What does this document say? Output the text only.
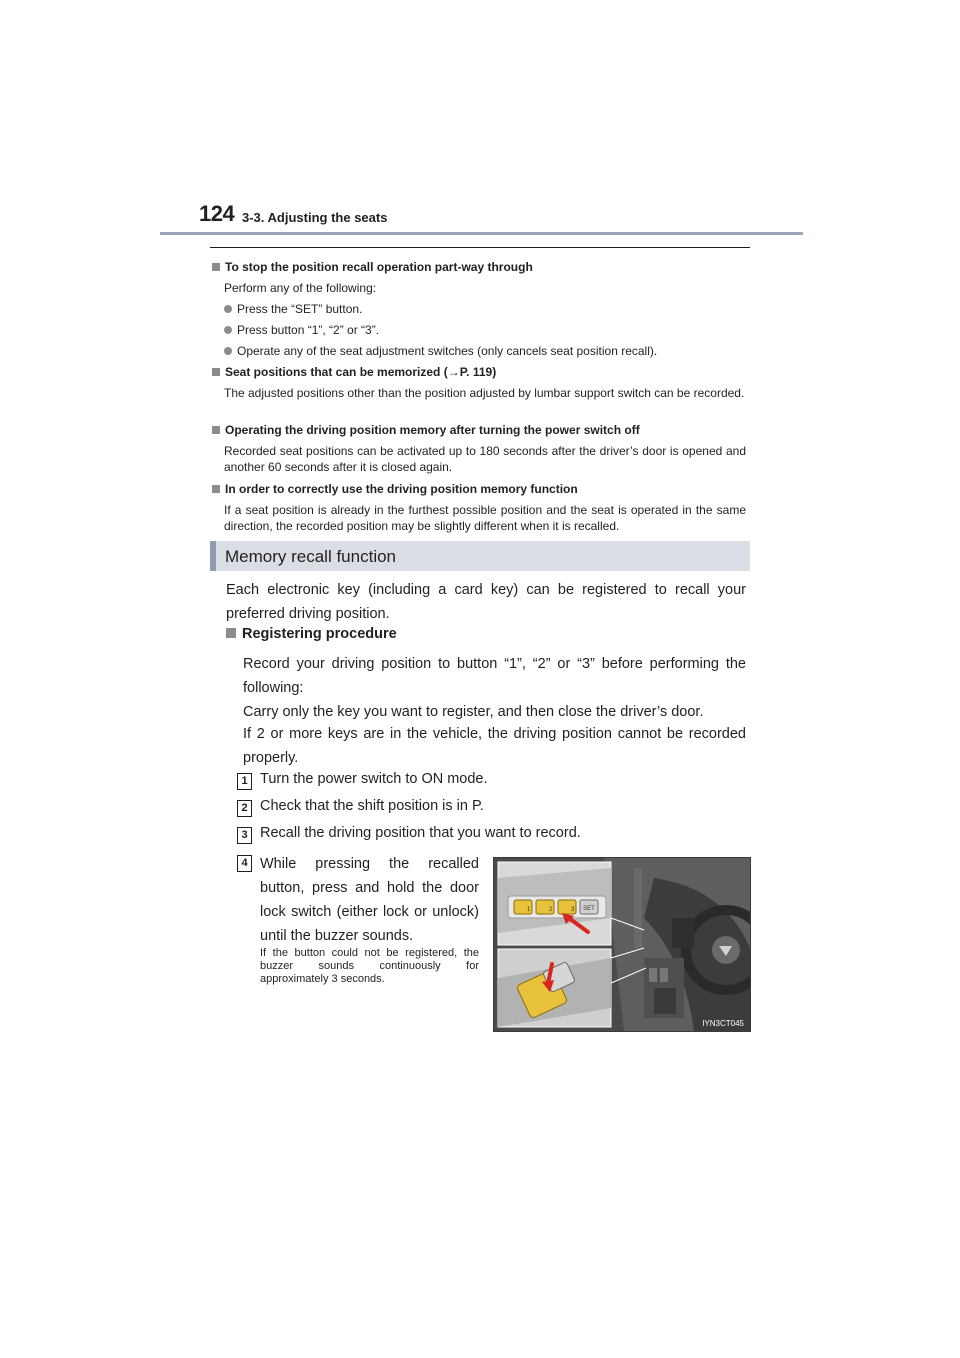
124 3-3. Adjusting the seats
To stop the position recall operation part-way through
Perform any of the following:
Press the “SET” button.
Press button “1”, “2” or “3”.
Operate any of the seat adjustment switches (only cancels seat position recall).
Seat positions that can be memorized (→P. 119)
The adjusted positions other than the position adjusted by lumbar support switch can be recorded.
Operating the driving position memory after turning the power switch off
Recorded seat positions can be activated up to 180 seconds after the driver’s door is opened and another 60 seconds after it is closed again.
In order to correctly use the driving position memory function
If a seat position is already in the furthest possible position and the seat is operated in the same direction, the recorded position may be slightly different when it is recalled.
Memory recall function
Each electronic key (including a card key) can be registered to recall your preferred driving position.
Registering procedure
Record your driving position to button “1”, “2” or “3” before performing the following:
Carry only the key you want to register, and then close the driver’s door.
If 2 or more keys are in the vehicle, the driving position cannot be recorded properly.
1 Turn the power switch to ON mode.
2 Check that the shift position is in P.
3 Recall the driving position that you want to record.
4 While pressing the recalled button, press and hold the door lock switch (either lock or unlock) until the buzzer sounds.
If the button could not be registered, the buzzer sounds continuously for approximately 3 seconds.
SET
1	2	3
IYN3CT045
